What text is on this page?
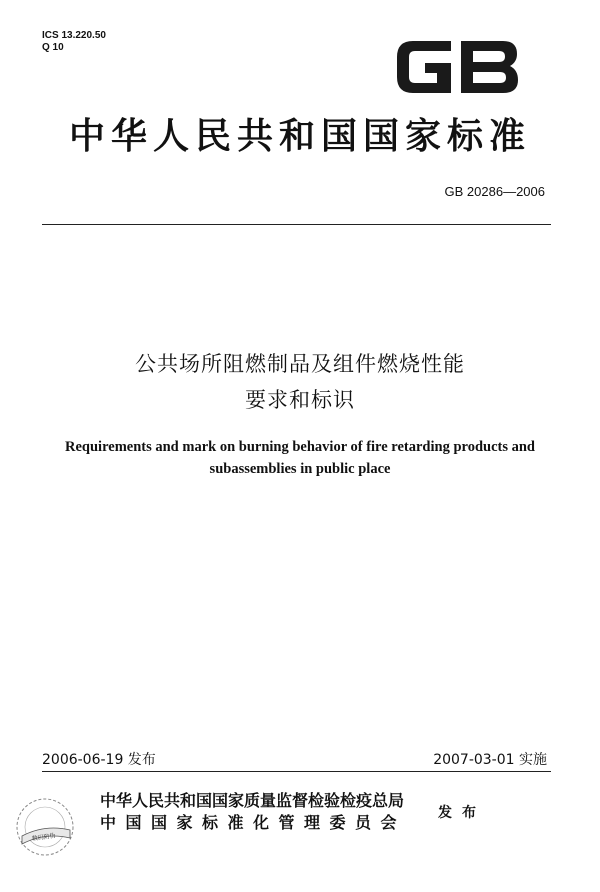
ICS 13.220.50
Q 10
中华人民共和国国家标准
GB 20286—2006
公共场所阻燃制品及组件燃烧性能
要求和标识
Requirements and mark on burning behavior of fire retarding products and
subassemblies in public place
2006-06-19 发布	2007-03-01 实施
数码防伪
中华人民共和国国家质量监督检验检疫总局
中国国家标准化管理委员会 发布
